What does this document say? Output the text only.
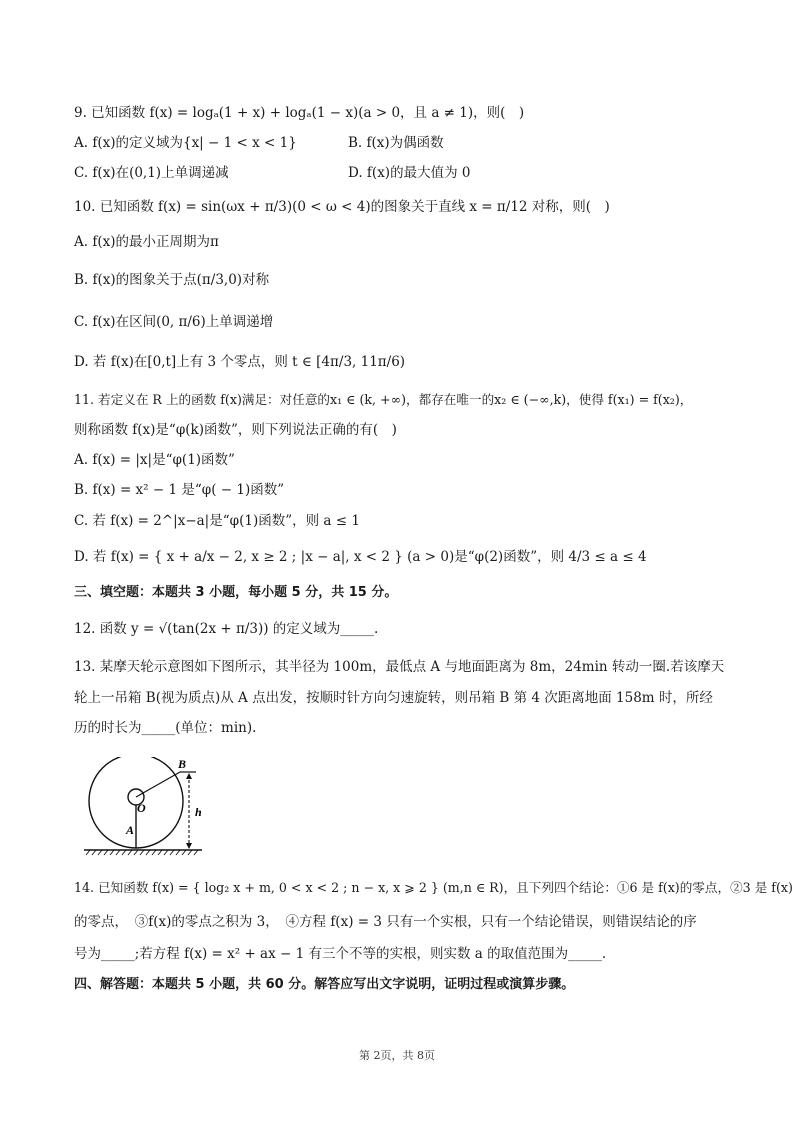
9. 已知函数 f(x) = logₐ(1 + x) + logₐ(1 − x)(a > 0，且 a ≠ 1)，则(　)
A. f(x)的定义域为{x| − 1 < x < 1}	B. f(x)为偶函数
C. f(x)在(0,1)上单调递减	D. f(x)的最大值为 0
10. 已知函数 f(x) = sin(ωx + π/3)(0 < ω < 4)的图象关于直线 x = π/12 对称，则(　)
A. f(x)的最小正周期为π
B. f(x)的图象关于点(π/3,0)对称
C. f(x)在区间(0, π/6)上单调递增
D. 若 f(x)在[0,t]上有 3 个零点，则 t ∈ [4π/3, 11π/6)
11. 若定义在 R 上的函数 f(x)满足：对任意的x₁ ∈ (k, +∞)，都存在唯一的x₂ ∈ (−∞,k)，使得 f(x₁) = f(x₂)，
则称函数 f(x)是“φ(k)函数”，则下列说法正确的有(　)
A. f(x) = |x|是“φ(1)函数”
B. f(x) = x² − 1 是“φ( − 1)函数”
C. 若 f(x) = 2^|x−a|是“φ(1)函数”，则 a ≤ 1
D. 若 f(x) = { x + a/x − 2, x ≥ 2 ; |x − a|, x < 2 } (a > 0)是“φ(2)函数”，则 4/3 ≤ a ≤ 4
三、填空题：本题共 3 小题，每小题 5 分，共 15 分。
12. 函数 y = √(tan(2x + π/3)) 的定义域为_____.
13. 某摩天轮示意图如下图所示，其半径为 100m，最低点 A 与地面距离为 8m，24min 转动一圈.若该摩天
轮上一吊箱 B(视为质点)从 A 点出发，按顺时针方向匀速旋转，则吊箱 B 第 4 次距离地面 158m 时，所经
历的时长为_____(单位：min).
B
O	h
A
14. 已知函数 f(x) = { log₂ x + m, 0 < x < 2 ; n − x, x ⩾ 2 } (m,n ∈ R)，且下列四个结论：①6 是 f(x)的零点，②3 是 f(x)
的零点，　③f(x)的零点之积为 3，　④方程 f(x) = 3 只有一个实根，只有一个结论错误，则错误结论的序
号为_____;若方程 f(x) = x² + ax − 1 有三个不等的实根，则实数 a 的取值范围为_____.
四、解答题：本题共 5 小题，共 60 分。解答应写出文字说明，证明过程或演算步骤。
第 2页，共 8页
